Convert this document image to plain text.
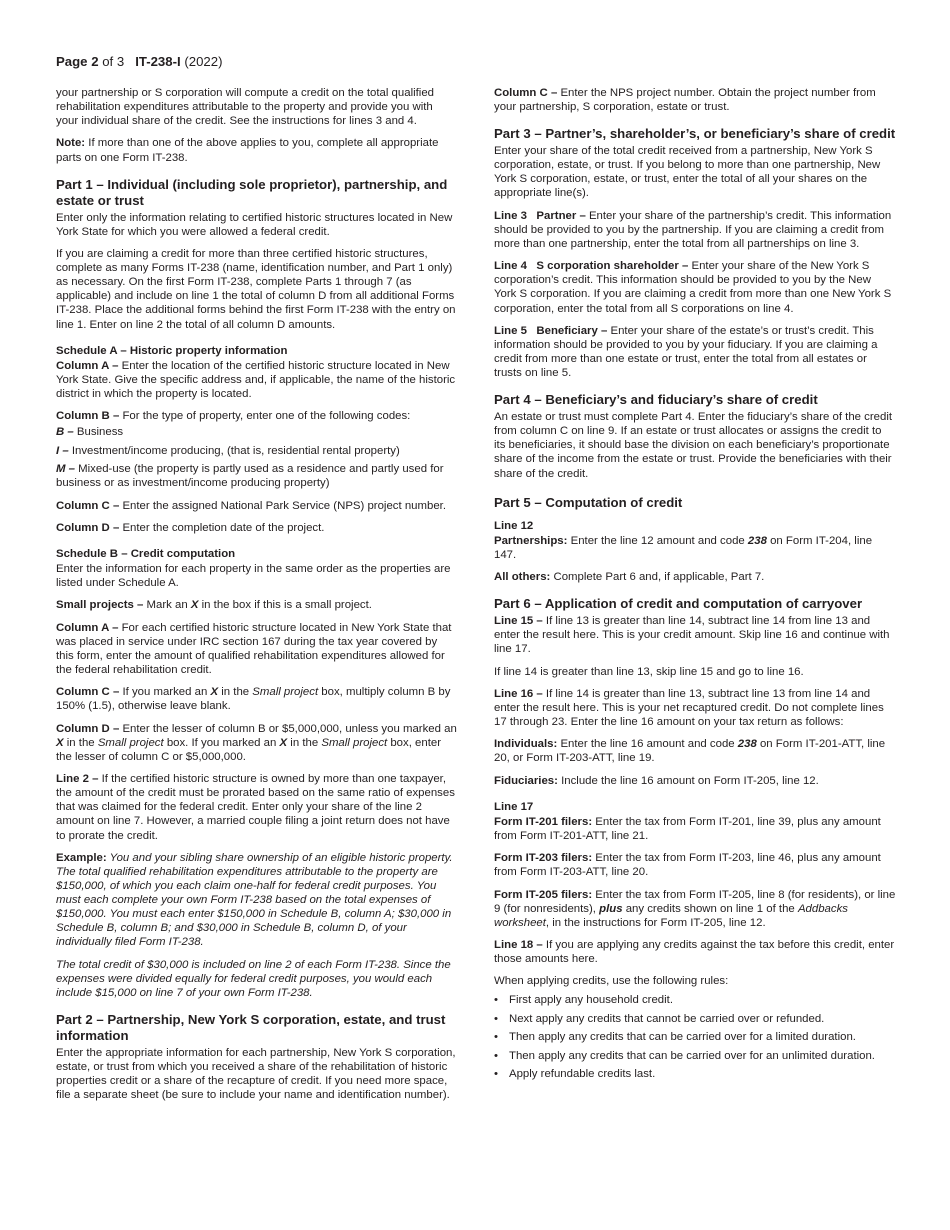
Page 2 of 3 IT-238-I (2022)

your partnership or S corporation will compute a credit on the total qualified rehabilitation expenditures attributable to the property and provide you with your individual share of the credit. See the instructions for lines 3 and 4.

Note: If more than one of the above applies to you, complete all appropriate parts on one Form IT-238.

Part 1 – Individual (including sole proprietor), partnership, and estate or trust

Enter only the information relating to certified historic structures located in New York State for which you were allowed a federal credit.

If you are claiming a credit for more than three certified historic structures, complete as many Forms IT-238 (name, identification number, and Part 1 only) as necessary. On the first Form IT-238, complete Parts 1 through 7 (as applicable) and include on line 1 the total of column D from all additional Forms IT-238. Place the additional forms behind the first Form IT-238 with the entry on line 1. Enter on line 2 the total of all column D amounts.

Schedule A – Historic property information

Column A – Enter the location of the certified historic structure located in New York State. Give the specific address and, if applicable, the name of the historic district in which the property is located.

Column B – For the type of property, enter one of the following codes:

B – Business

I – Investment/income producing, (that is, residential rental property)

M – Mixed-use (the property is partly used as a residence and partly used for business or as investment/income producing property)

Column C – Enter the assigned National Park Service (NPS) project number.

Column D – Enter the completion date of the project.

Schedule B – Credit computation

Enter the information for each property in the same order as the properties are listed under Schedule A.

Small projects – Mark an X in the box if this is a small project.

Column A – For each certified historic structure located in New York State that was placed in service under IRC section 167 during the tax year covered by this form, enter the amount of qualified rehabilitation expenditures allowed for the federal rehabilitation credit.

Column C – If you marked an X in the Small project box, multiply column B by 150% (1.5), otherwise leave blank.

Column D – Enter the lesser of column B or $5,000,000, unless you marked an X in the Small project box. If you marked an X in the Small project box, enter the lesser of column C or $5,000,000.

Line 2 – If the certified historic structure is owned by more than one taxpayer, the amount of the credit must be prorated based on the same ratio of expenses that was claimed for the federal credit. Enter only your share of the line 2 amount on line 7. However, a married couple filing a joint return does not have to prorate the credit.

Example: You and your sibling share ownership of an eligible historic property. The total qualified rehabilitation expenditures attributable to the property are $150,000, of which you each claim one-half for federal credit purposes. You must each complete your own Form IT-238 based on the total expenses of $150,000. You must each enter $150,000 in Schedule B, column A; $30,000 in Schedule B, column B; and $30,000 in Schedule B, column D, of your individually filed Form IT-238.

The total credit of $30,000 is included on line 2 of each Form IT-238. Since the expenses were divided equally for federal credit purposes, you would each include $15,000 on line 7 of your own Form IT-238.

Part 2 – Partnership, New York S corporation, estate, and trust information

Enter the appropriate information for each partnership, New York S corporation, estate, or trust from which you received a share of the rehabilitation of historic properties credit or a share of the recapture of credit. If you need more space, file a separate sheet (be sure to include your name and identification number).

Column C – Enter the NPS project number. Obtain the project number from your partnership, S corporation, estate or trust.

Part 3 – Partner’s, shareholder’s, or beneficiary’s share of credit

Enter your share of the total credit received from a partnership, New York S corporation, estate, or trust. If you belong to more than one partnership, New York S corporation, estate, or trust, enter the total of all your shares on the appropriate line(s).

Line 3   Partner – Enter your share of the partnership’s credit. This information should be provided to you by the partnership. If you are claiming a credit from more than one partnership, enter the total from all partnerships on line 3.

Line 4   S corporation shareholder – Enter your share of the New York S corporation’s credit. This information should be provided to you by the New York S corporation. If you are claiming a credit from more than one New York S corporation, enter the total from all S corporations on line 4.

Line 5   Beneficiary – Enter your share of the estate’s or trust’s credit. This information should be provided to you by your fiduciary. If you are claiming a credit from more than one estate or trust, enter the total from all estates or trusts on line 5.

Part 4 – Beneficiary’s and fiduciary’s share of credit

An estate or trust must complete Part 4. Enter the fiduciary’s share of the credit from column C on line 9. If an estate or trust allocates or assigns the credit to its beneficiaries, it should base the division on each beneficiary’s proportionate share of the income from the estate or trust. Provide the beneficiaries with their share of the credit.

Part 5 – Computation of credit
Line 12

Partnerships: Enter the line 12 amount and code 238 on Form IT-204, line 147.

All others: Complete Part 6 and, if applicable, Part 7.

Part 6 – Application of credit and computation of carryover

Line 15 – If line 13 is greater than line 14, subtract line 14 from line 13 and enter the result here. This is your credit amount. Skip line 16 and continue with line 17.

If line 14 is greater than line 13, skip line 15 and go to line 16.

Line 16 – If line 14 is greater than line 13, subtract line 13 from line 14 and enter the result here. This is your net recaptured credit. Do not complete lines 17 through 23. Enter the line 16 amount on your tax return as follows:

Individuals: Enter the line 16 amount and code 238 on Form IT-201-ATT, line 20, or Form IT-203-ATT, line 19.

Fiduciaries: Include the line 16 amount on Form IT-205, line 12.

Line 17

Form IT-201 filers: Enter the tax from Form IT-201, line 39, plus any amount from Form IT-201-ATT, line 21.

Form IT-203 filers: Enter the tax from Form IT-203, line 46, plus any amount from Form IT-203-ATT, line 20.

Form IT-205 filers: Enter the tax from Form IT-205, line 8 (for residents), or line 9 (for nonresidents), plus any credits shown on line 1 of the Addbacks worksheet, in the instructions for Form IT-205, line 12.

Line 18 – If you are applying any credits against the tax before this credit, enter those amounts here.

When applying credits, use the following rules:

• First apply any household credit.
• Next apply any credits that cannot be carried over or refunded.
• Then apply any credits that can be carried over for a limited duration.
• Then apply any credits that can be carried over for an unlimited duration.
• Apply refundable credits last.
